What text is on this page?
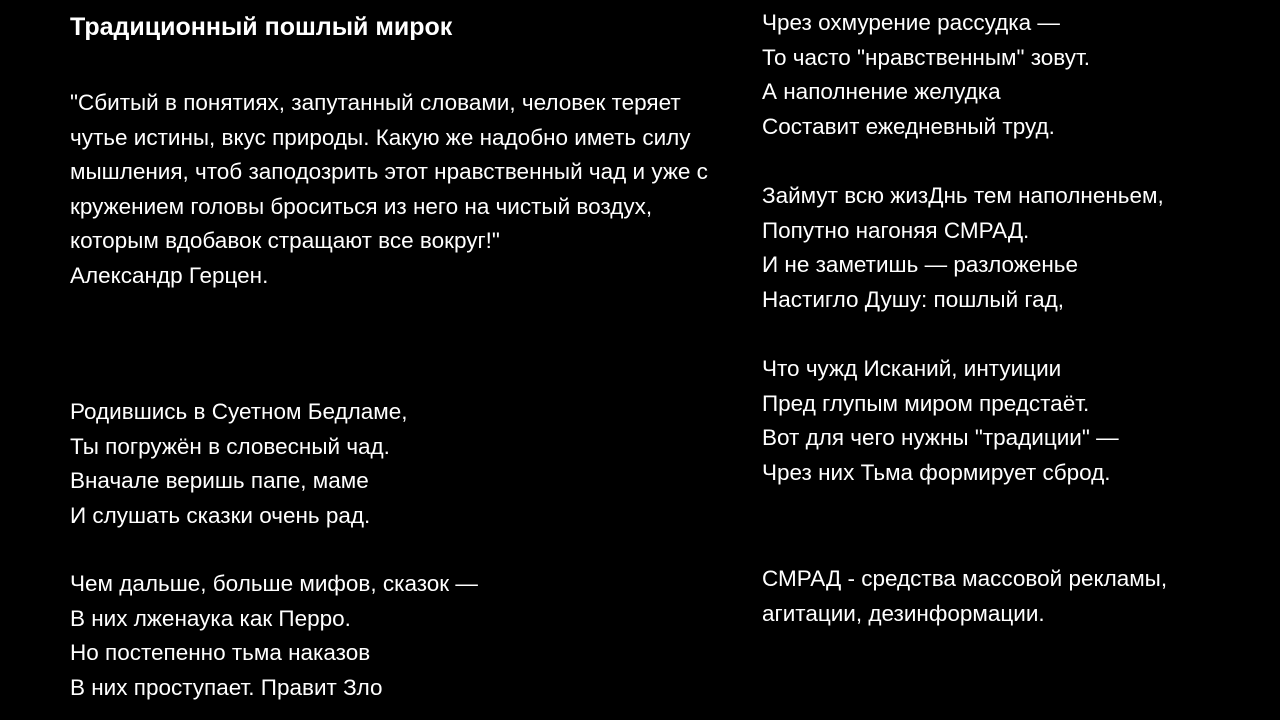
Традиционный пошлый мирок

"Сбитый в понятиях, запутанный словами, человек теряет чутье истины, вкус природы. Какую же надобно иметь силу мышления, чтоб заподозрить этот нравственный чад и уже с кружением головы броситься из него на чистый воздух, которым вдобавок стращают все вокруг!"

Александр Герцен.

Родившись в Суетном Бедламе,
Ты погружён в словесный чад.
Вначале веришь папе, маме
И слушать сказки очень рад.
Чем дальше, больше мифов, сказок —
В них лженаука как Перро.
Но постепенно тьма наказов
В них проступает. Правит Зло
Чрез охмурение рассудка —
То часто "нравственным" зовут.
А наполнение желудка
Составит ежедневный труд.
Займут всю жизДнь тем наполненьем,
Попутно нагоняя СМРАД.
И не заметишь — разложенье
Настигло Душу: пошлый гад,
Что чужд Исканий, интуиции
Пред глупым миром предстаёт.
Вот для чего нужны "традиции" —
Чрез них Тьма формирует сброд.

СМРАД - средства массовой рекламы, агитации, дезинформации.
